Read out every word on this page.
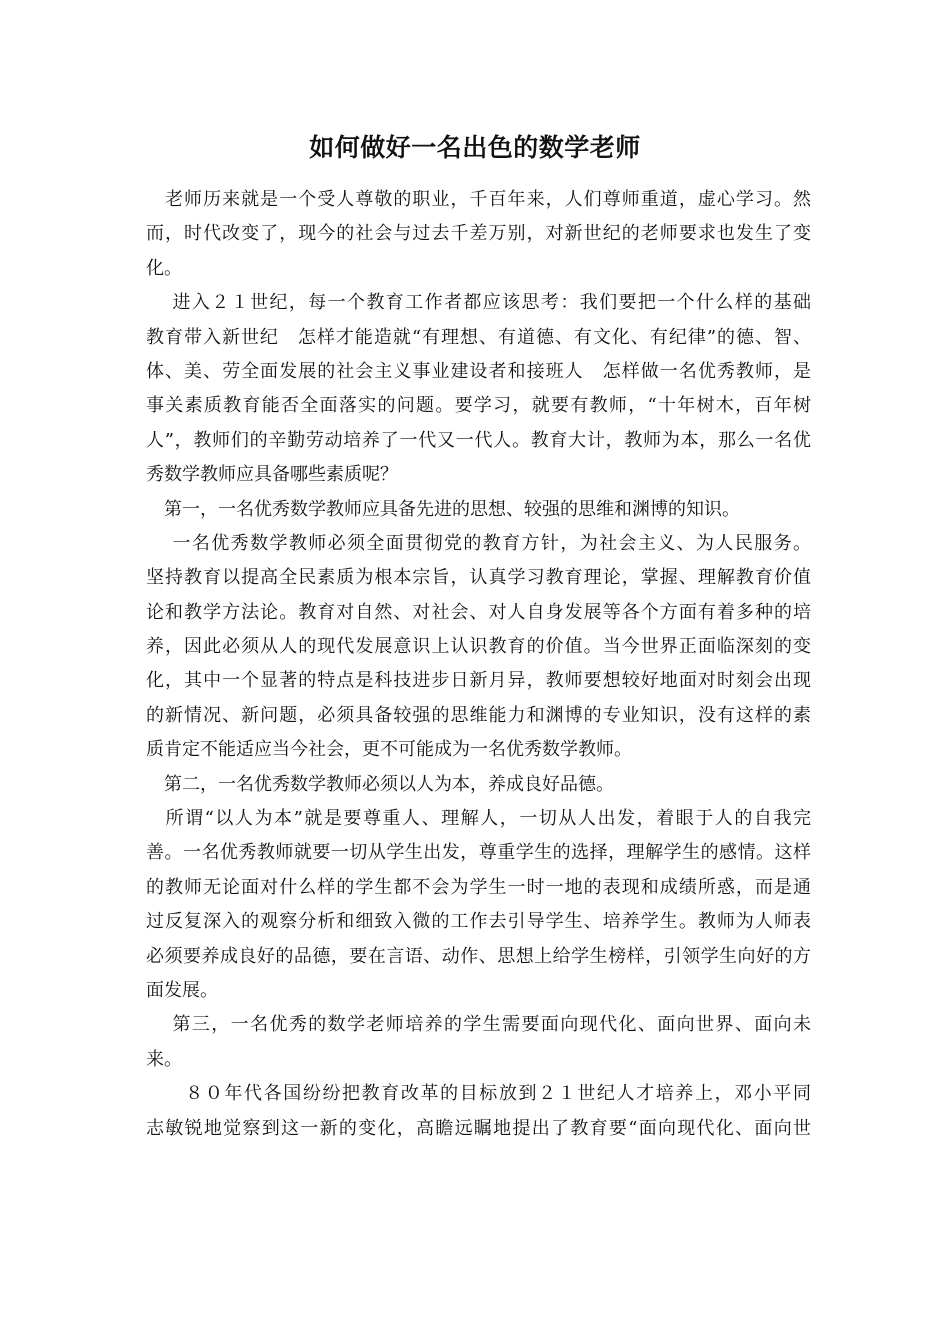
如何做好一名出色的数学老师
　老师历来就是一个受人尊敬的职业，千百年来，人们尊师重道，虚心学习。然
而，时代改变了，现今的社会与过去千差万别，对新世纪的老师要求也发生了变
化。
　 进入２１世纪，每一个教育工作者都应该思考：我们要把一个什么样的基础
教育带入新世纪　怎样才能造就“有理想、有道德、有文化、有纪律”的德、智、
体、美、劳全面发展的社会主义事业建设者和接班人　怎样做一名优秀教师，是
事关素质教育能否全面落实的问题。要学习，就要有教师，“十年树木，百年树
人”，教师们的辛勤劳动培养了一代又一代人。教育大计，教师为本，那么一名优
秀数学教师应具备哪些素质呢？
　第一，一名优秀数学教师应具备先进的思想、较强的思维和渊博的知识。
　 一名优秀数学教师必须全面贯彻党的教育方针，为社会主义、为人民服务。
坚持教育以提高全民素质为根本宗旨，认真学习教育理论，掌握、理解教育价值
论和教学方法论。教育对自然、对社会、对人自身发展等各个方面有着多种的培
养，因此必须从人的现代发展意识上认识教育的价值。当今世界正面临深刻的变
化，其中一个显著的特点是科技进步日新月异，教师要想较好地面对时刻会出现
的新情况、新问题，必须具备较强的思维能力和渊博的专业知识，没有这样的素
质肯定不能适应当今社会，更不可能成为一名优秀数学教师。
　第二，一名优秀数学教师必须以人为本，养成良好品德。
　所谓“以人为本”就是要尊重人、理解人，一切从人出发，着眼于人的自我完
善。一名优秀教师就要一切从学生出发，尊重学生的选择，理解学生的感情。这样
的教师无论面对什么样的学生都不会为学生一时一地的表现和成绩所惑，而是通
过反复深入的观察分析和细致入微的工作去引导学生、培养学生。教师为人师表
必须要养成良好的品德，要在言语、动作、思想上给学生榜样，引领学生向好的方
面发展。
　 第三，一名优秀的数学老师培养的学生需要面向现代化、面向世界、面向未
来。
　　８０年代各国纷纷把教育改革的目标放到２１世纪人才培养上，邓小平同
志敏锐地觉察到这一新的变化，高瞻远瞩地提出了教育要“面向现代化、面向世
